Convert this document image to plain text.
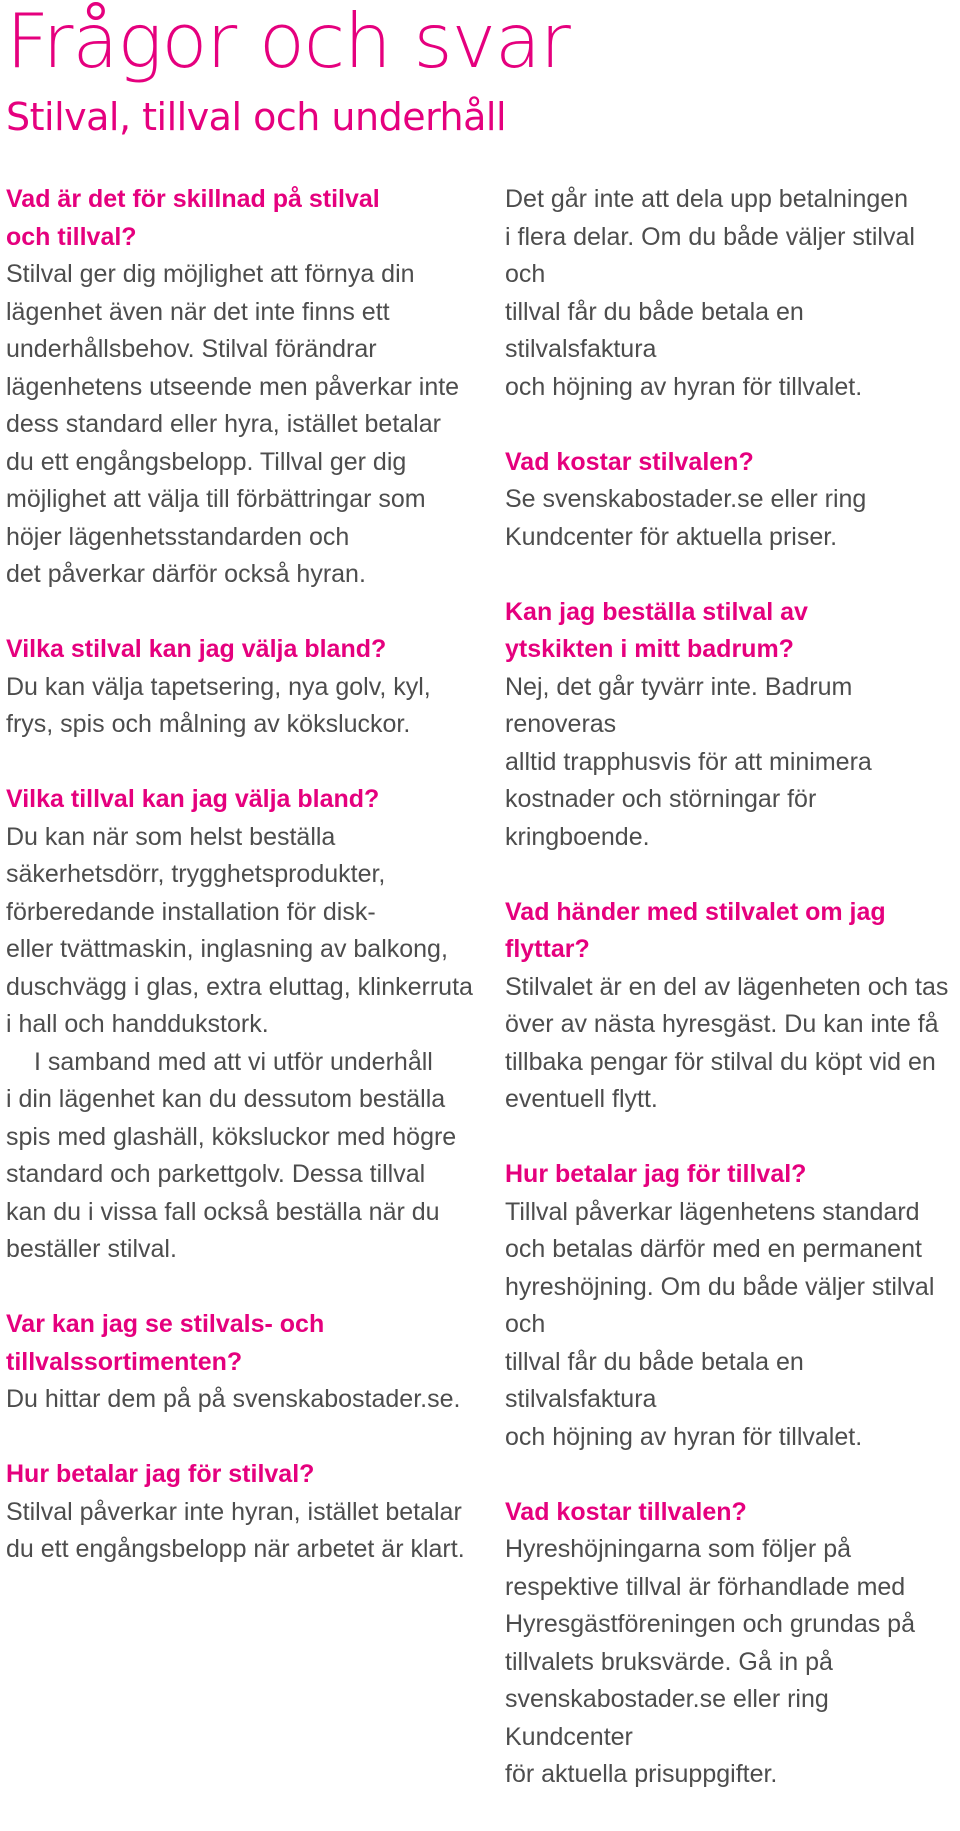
Frågor och svar
Stilval, tillval och underhåll

Vad är det för skillnad på stilval
och tillval?

Stilval ger dig möjlighet att förnya din
lägenhet även när det inte finns ett
underhållsbehov. Stilval förändrar
lägenhetens utseende men påverkar inte
dess standard eller hyra, istället betalar
du ett engångsbelopp. Tillval ger dig
möjlighet att välja till förbättringar som
höjer lägenhetsstandarden och
det påverkar därför också hyran.

Vilka stilval kan jag välja bland?

Du kan välja tapetsering, nya golv, kyl,
frys, spis och målning av köksluckor.

Vilka tillval kan jag välja bland?

Du kan när som helst beställa
säkerhetsdörr, trygghetsprodukter,
förberedande installation för disk-
eller tvättmaskin, inglasning av balkong,
duschvägg i glas, extra eluttag, klinkerruta
i hall och handdukstork.

I samband med att vi utför underhåll
i din lägenhet kan du dessutom beställa
spis med glashäll, köksluckor med högre
standard och parkettgolv. Dessa tillval
kan du i vissa fall också beställa när du
beställer stilval.

Var kan jag se stilvals- och
tillvalssortimenten?

Du hittar dem på på svenskabostader.se.

Hur betalar jag för stilval?

Stilval påverkar inte hyran, istället betalar
du ett engångsbelopp när arbetet är klart.

Det går inte att dela upp betalningen
i flera delar. Om du både väljer stilval och
tillval får du både betala en stilvalsfaktura
och höjning av hyran för tillvalet.

Vad kostar stilvalen?

Se svenskabostader.se eller ring
Kundcenter för aktuella priser.

Kan jag beställa stilval av
ytskikten i mitt badrum?

Nej, det går tyvärr inte. Badrum renoveras
alltid trapphusvis för att minimera
kostnader och störningar för kringboende.

Vad händer med stilvalet om jag
flyttar?

Stilvalet är en del av lägenheten och tas
över av nästa hyresgäst. Du kan inte få
tillbaka pengar för stilval du köpt vid en
eventuell flytt.

Hur betalar jag för tillval?

Tillval påverkar lägenhetens standard
och betalas därför med en permanent
hyreshöjning. Om du både väljer stilval och
tillval får du både betala en stilvalsfaktura
och höjning av hyran för tillvalet.

Vad kostar tillvalen?

Hyreshöjningarna som följer på
respektive tillval är förhandlade med
Hyresgästföreningen och grundas på
tillvalets bruksvärde. Gå in på
svenskabostader.se eller ring Kundcenter
för aktuella prisuppgifter.
